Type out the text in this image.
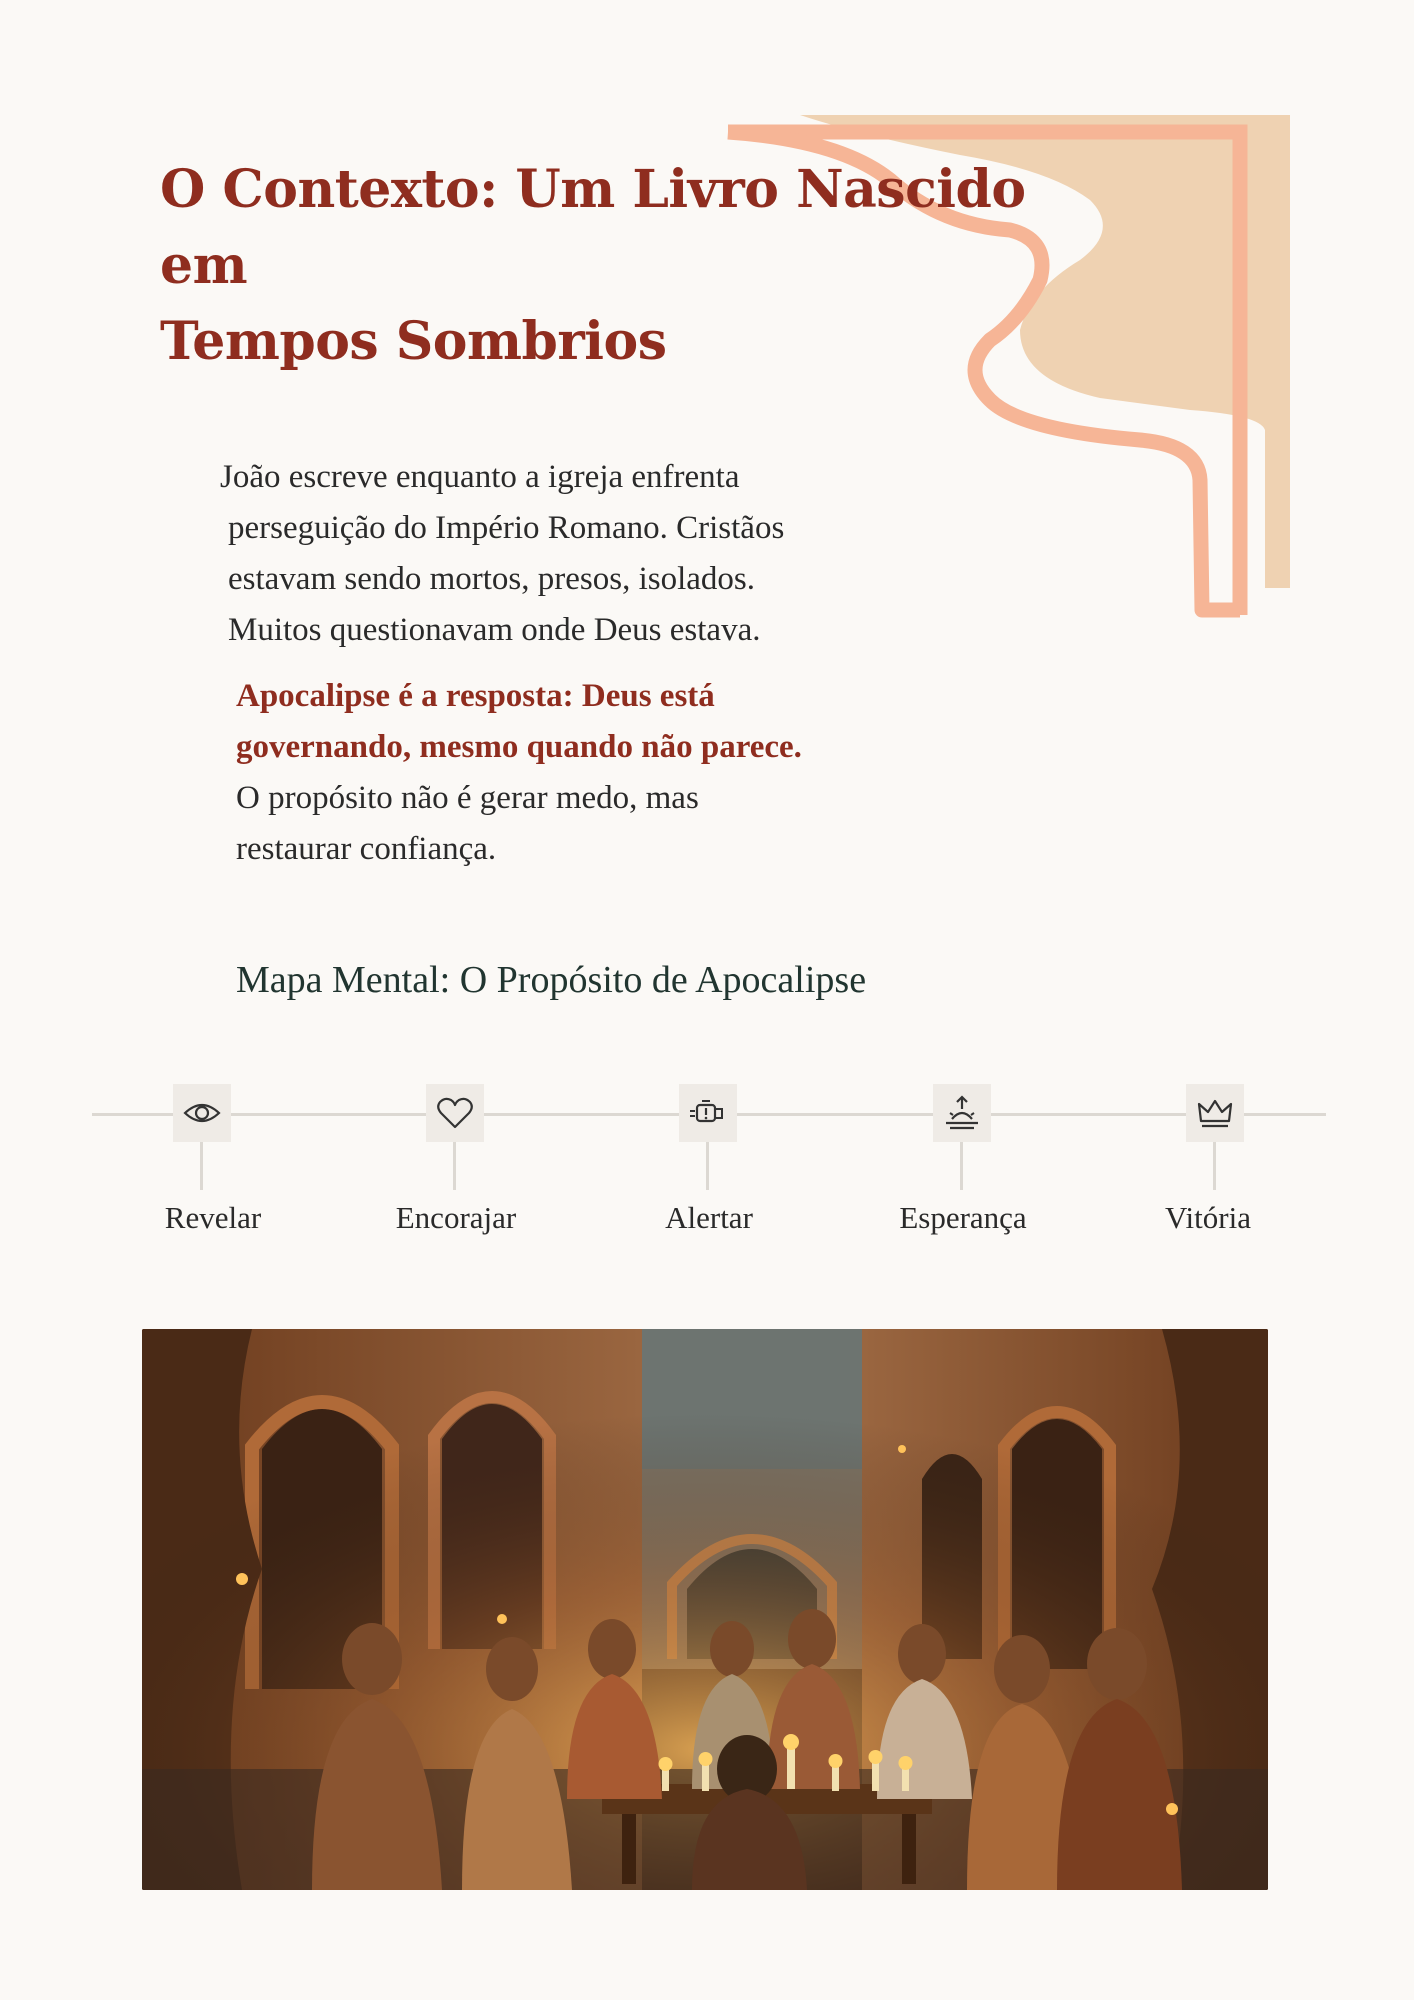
O Contexto: Um Livro Nascido em
Tempos Sombrios

João escreve enquanto a igreja enfrenta
perseguição do Império Romano. Cristãos
estavam sendo mortos, presos, isolados.
Muitos questionavam onde Deus estava.

Apocalipse é a resposta: Deus está
governando, mesmo quando não parece.
O propósito não é gerar medo, mas
restaurar confiança.

Mapa Mental: O Propósito de Apocalipse
Revelar	Encorajar	Alertar	Esperança	Vitória
